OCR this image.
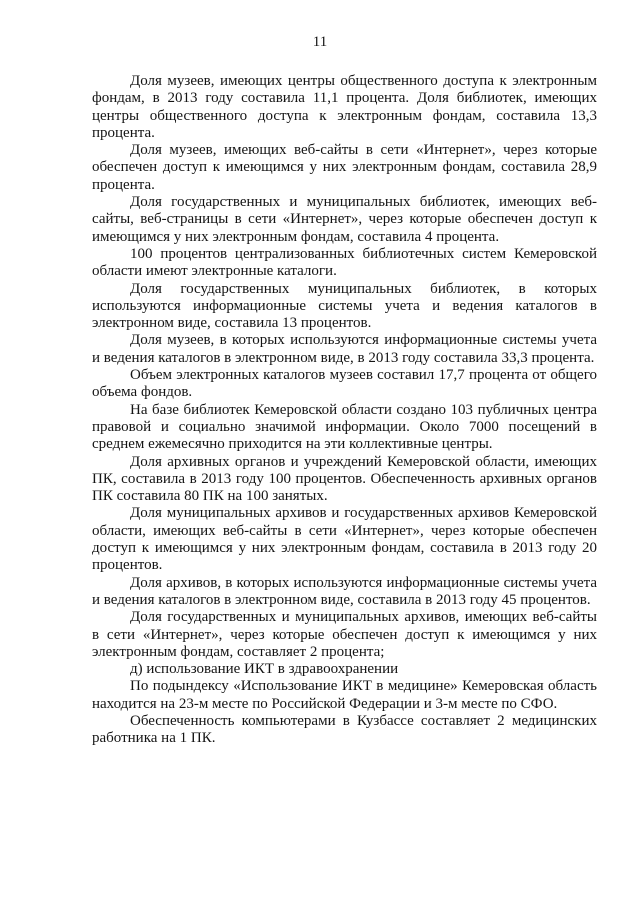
11

Доля музеев, имеющих центры общественного доступа к электронным фондам, в 2013 году составила 11,1 процента. Доля библиотек, имеющих центры общественного доступа к электронным фондам, составила 13,3 процента.

Доля музеев, имеющих веб-сайты в сети «Интернет», через которые обеспечен доступ к имеющимся у них электронным фондам, составила 28,9 процента.

Доля государственных и муниципальных библиотек, имеющих веб-сайты, веб-страницы в сети «Интернет», через которые обеспечен доступ к имеющимся у них электронным фондам, составила 4 процента.

100 процентов централизованных библиотечных систем Кемеровской области имеют электронные каталоги.

Доля государственных муниципальных библиотек, в которых используются информационные системы учета и ведения каталогов в электронном виде, составила 13 процентов.

Доля музеев, в которых используются информационные системы учета и ведения каталогов в электронном виде, в 2013 году составила 33,3 процента.

Объем электронных каталогов музеев составил 17,7 процента от общего объема фондов.

На базе библиотек Кемеровской области создано 103 публичных центра правовой и социально значимой информации. Около 7000 посещений в среднем ежемесячно приходится на эти коллективные центры.

Доля архивных органов и учреждений Кемеровской области, имеющих ПК, составила в 2013 году 100 процентов. Обеспеченность архивных органов ПК составила 80 ПК на 100 занятых.

Доля муниципальных архивов и государственных архивов Кемеровской области, имеющих веб-сайты в сети «Интернет», через которые обеспечен доступ к имеющимся у них электронным фондам, составила в 2013 году 20 процентов.

Доля архивов, в которых используются информационные системы учета и ведения каталогов в электронном виде, составила в 2013 году 45 процентов.

Доля государственных и муниципальных архивов, имеющих веб-сайты в сети «Интернет», через которые обеспечен доступ к имеющимся у них электронным фондам, составляет 2 процента;

д) использование ИКТ в здравоохранении

По подындексу «Использование ИКТ в медицине» Кемеровская область находится на 23-м месте по Российской Федерации и 3-м месте по СФО.

Обеспеченность компьютерами в Кузбассе составляет 2 медицинских работника на 1 ПК.
